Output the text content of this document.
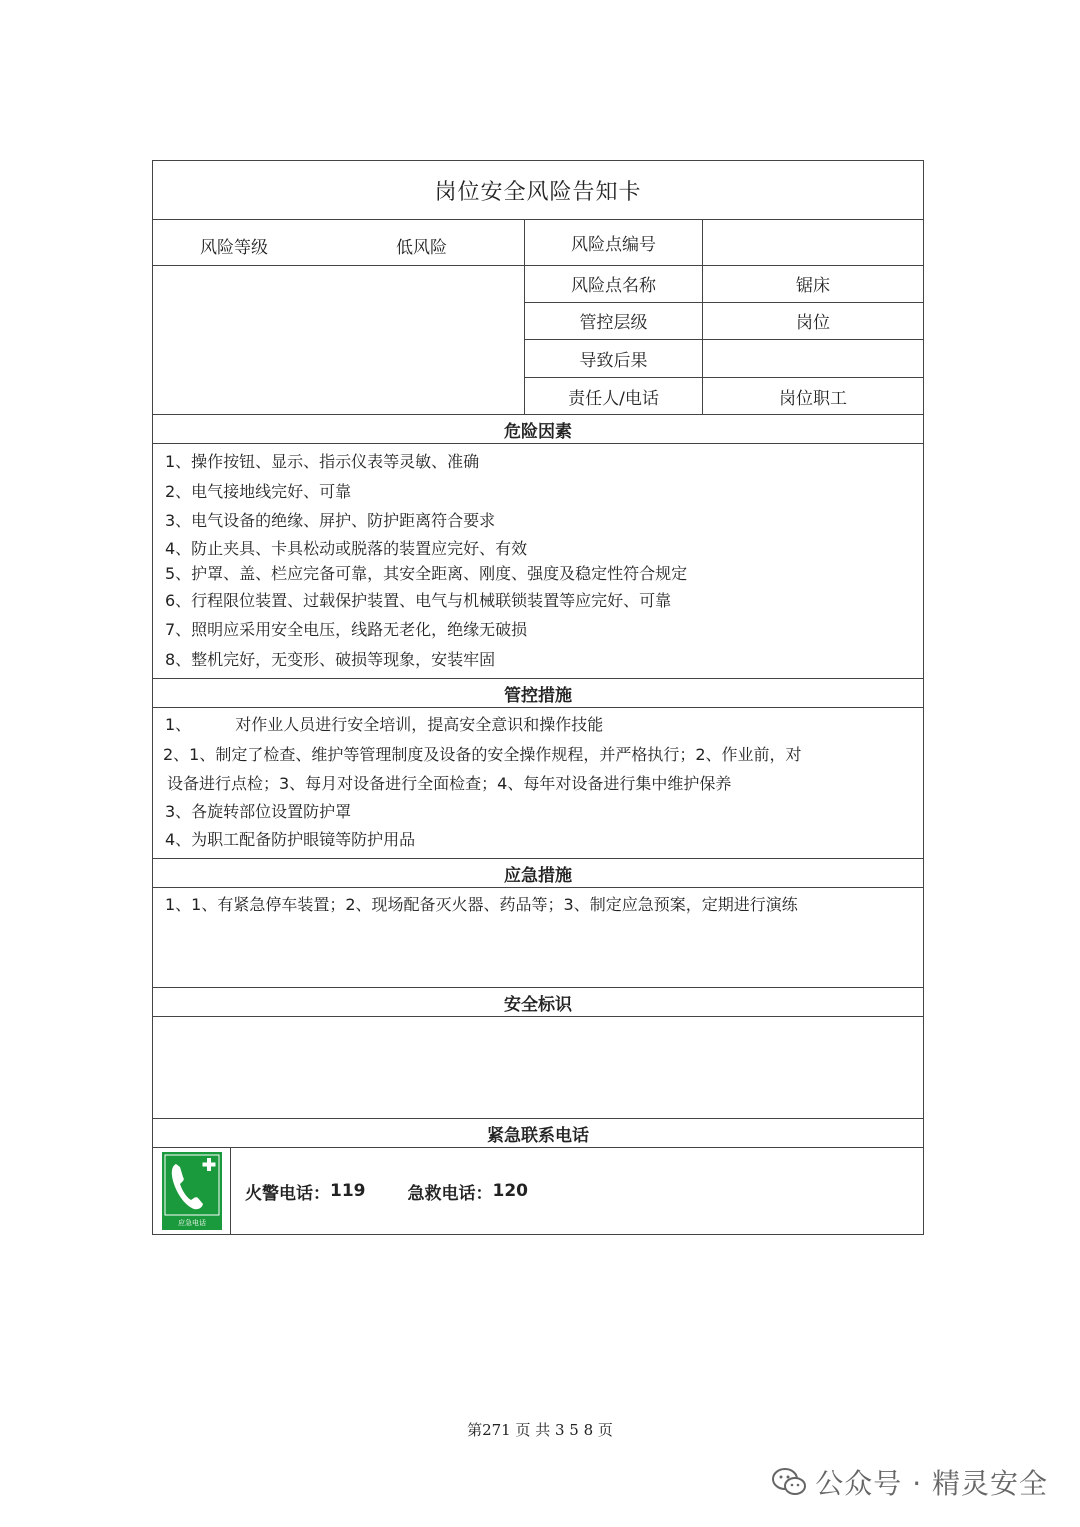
岗位安全风险告知卡
风险等级	低风险	风险点编号
风险点名称	锯床
管控层级	岗位
导致后果
责任人/电话	岗位职工
危险因素
1、操作按钮、显示、指示仪表等灵敏、准确
2、电气接地线完好、可靠
3、电气设备的绝缘、屏护、防护距离符合要求
4、防止夹具、卡具松动或脱落的装置应完好、有效
5、护罩、盖、栏应完备可靠，其安全距离、刚度、强度及稳定性符合规定
6、行程限位装置、过载保护装置、电气与机械联锁装置等应完好、可靠
7、照明应采用安全电压，线路无老化，绝缘无破损
8、整机完好，无变形、破损等现象，安装牢固
管控措施
1、	对作业人员进行安全培训，提高安全意识和操作技能
2、1、制定了检查、维护等管理制度及设备的安全操作规程，并严格执行；2、作业前，对
设备进行点检；3、每月对设备进行全面检查；4、每年对设备进行集中维护保养
3、各旋转部位设置防护罩
4、为职工配备防护眼镜等防护用品
应急措施
1、1、有紧急停车装置；2、现场配备灭火器、药品等；3、制定应急预案，定期进行演练
安全标识
紧急联系电话
应急电话
火警电话： 119 急救电话： 120
第271 页 共 3 5 8 页
公众号 · 精灵安全
